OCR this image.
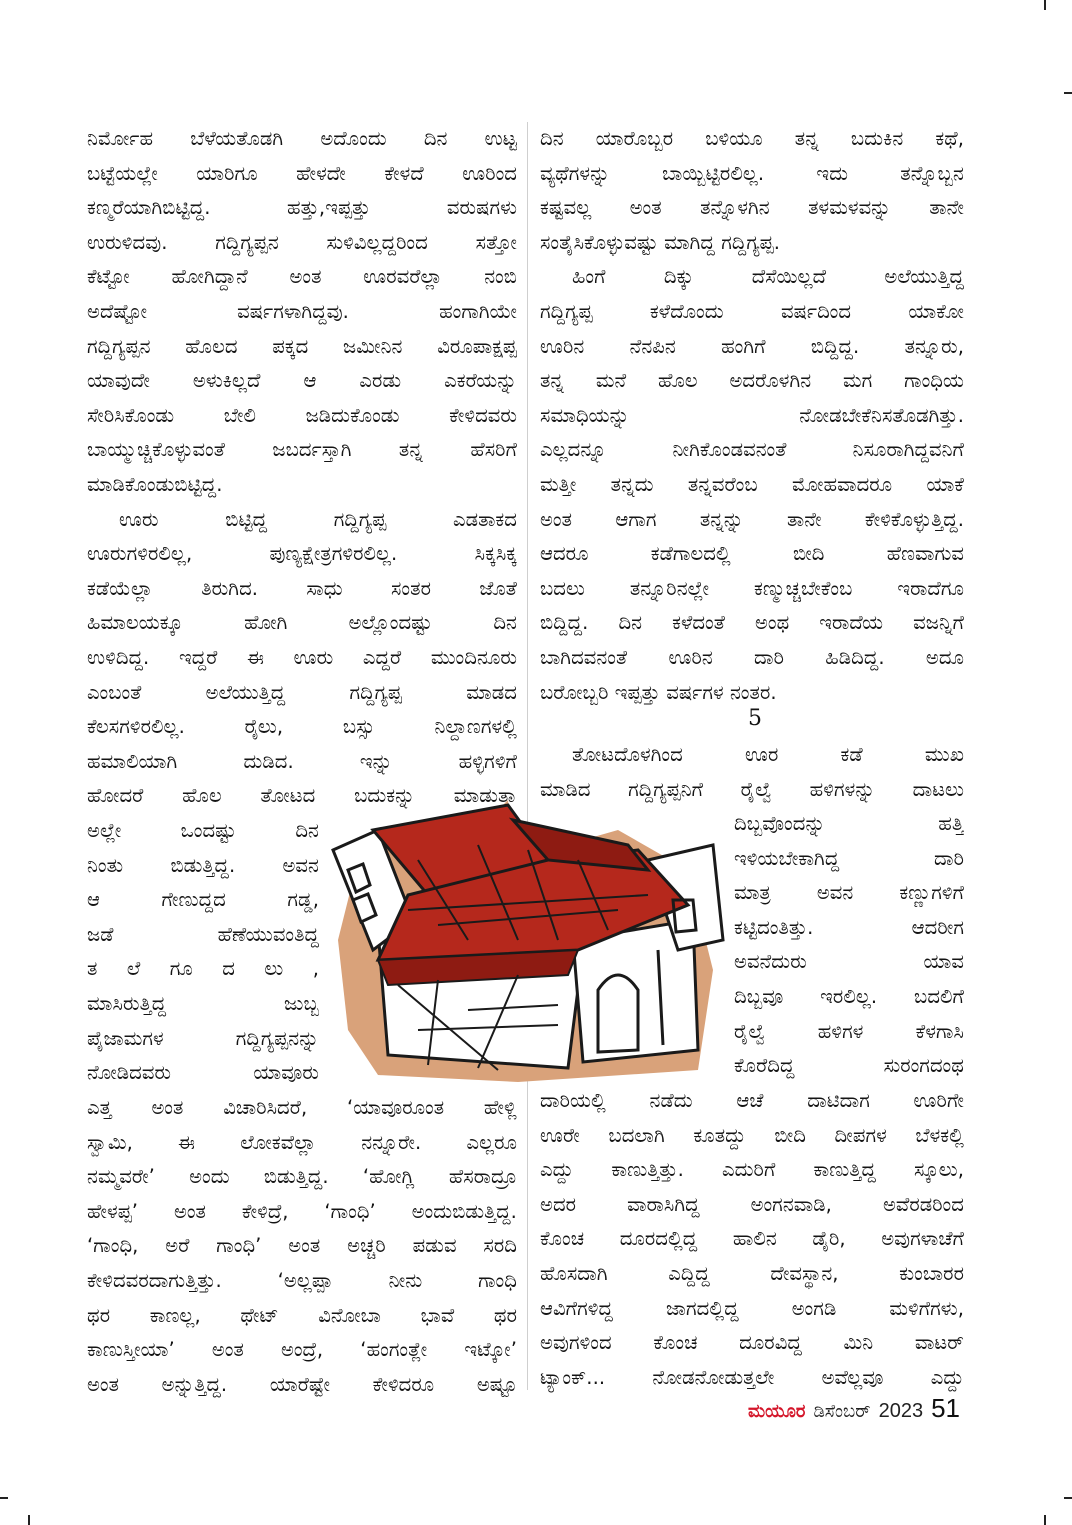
ನಿರ್ಮೋಹ ಬೆಳೆಯತೊಡಗಿ ಅದೊಂದು ದಿನ ಉಟ್ಟ
ಬಟ್ಟೆಯಲ್ಲೇ ಯಾರಿಗೂ ಹೇಳದೇ ಕೇಳದೆ ಊರಿಂದ
ಕಣ್ಮರೆಯಾಗಿಬಿಟ್ಟಿದ್ದ. ಹತ್ತು,ಇಪ್ಪತ್ತು ವರುಷಗಳು
ಉರುಳಿದವು. ಗದ್ದಿಗ್ಯಪ್ಪನ ಸುಳಿವಿಲ್ಲದ್ದರಿಂದ ಸತ್ತೋ
ಕೆಟ್ಟೋ ಹೋಗಿದ್ದಾನೆ ಅಂತ ಊರವರೆಲ್ಲಾ ನಂಬಿ
ಅದೆಷ್ಟೋ ವರ್ಷಗಳಾಗಿದ್ದವು. ಹಂಗಾಗಿಯೇ
ಗದ್ದಿಗ್ಯಪ್ಪನ ಹೊಲದ ಪಕ್ಕದ ಜಮೀನಿನ ವಿರೂಪಾಕ್ಷಪ್ಪ
ಯಾವುದೇ ಅಳುಕಿಲ್ಲದೆ ಆ ಎರಡು ಎಕರೆಯನ್ನು
ಸೇರಿಸಿಕೊಂಡು ಬೇಲಿ ಜಡಿದುಕೊಂಡು ಕೇಳಿದವರು
ಬಾಯ್ಮುಚ್ಚಿಕೊಳ್ಳುವಂತೆ ಜಬರ್ದಸ್ತಾಗಿ ತನ್ನ ಹೆಸರಿಗೆ
ಮಾಡಿಕೊಂಡುಬಿಟ್ಟಿದ್ದ.
ಊರು ಬಿಟ್ಟಿದ್ದ ಗದ್ದಿಗ್ಯಪ್ಪ ಎಡತಾಕದ
ಊರುಗಳಿರಲಿಲ್ಲ, ಪುಣ್ಯಕ್ಷೇತ್ರಗಳಿರಲಿಲ್ಲ. ಸಿಕ್ಕಸಿಕ್ಕ
ಕಡೆಯೆಲ್ಲಾ ತಿರುಗಿದ. ಸಾಧು ಸಂತರ ಜೊತೆ
ಹಿಮಾಲಯಕ್ಕೂ ಹೋಗಿ ಅಲ್ಲೊಂದಷ್ಟು ದಿನ
ಉಳಿದಿದ್ದ. ಇದ್ದರೆ ಈ ಊರು ಎದ್ದರೆ ಮುಂದಿನೂರು
ಎಂಬಂತೆ ಅಲೆಯುತ್ತಿದ್ದ ಗದ್ದಿಗ್ಯಪ್ಪ ಮಾಡದ
ಕೆಲಸಗಳಿರಲಿಲ್ಲ. ರೈಲು, ಬಸ್ಸು ನಿಲ್ದಾಣಗಳಲ್ಲಿ
ಹಮಾಲಿಯಾಗಿ ದುಡಿದ. ಇನ್ನು ಹಳ್ಳಿಗಳಿಗೆ
ಹೋದರೆ ಹೊಲ ತೋಟದ ಬದುಕನ್ನು ಮಾಡುತ್ತಾ
ಅಲ್ಲೇ ಒಂದಷ್ಟು ದಿನ
ನಿಂತು ಬಿಡುತ್ತಿದ್ದ. ಅವನ
ಆ ಗೇಣುದ್ದದ ಗಡ್ಡ,
ಜಡೆ ಹೆಣೆಯುವಂತಿದ್ದ
ತ ಲೆ ಗೂ ದ ಲು ,
ಮಾಸಿರುತ್ತಿದ್ದ ಜುಬ್ಬ
ಪೈಜಾಮಗಳ ಗದ್ದಿಗ್ಯಪ್ಪನನ್ನು
ನೋಡಿದವರು ಯಾವೂರು
ಎತ್ತ ಅಂತ ವಿಚಾರಿಸಿದರೆ, ‘ಯಾವೂರೂಂತ ಹೇಳ್ಲಿ
ಸ್ವಾಮಿ, ಈ ಲೋಕವೆಲ್ಲಾ ನನ್ನೂರೇ. ಎಲ್ಲರೂ
ನಮ್ಮವರೇ’ ಅಂದು ಬಿಡುತ್ತಿದ್ದ. ‘ಹೋಗ್ಲಿ ಹೆಸರಾದ್ರೂ
ಹೇಳಪ್ಪ’ ಅಂತ ಕೇಳಿದ್ರೆ, ‘ಗಾಂಧಿ’ ಅಂದುಬಿಡುತ್ತಿದ್ದ.
‘ಗಾಂಧಿ, ಅರೆ ಗಾಂಧಿ’ ಅಂತ ಅಚ್ಚರಿ ಪಡುವ ಸರದಿ
ಕೇಳಿದವರದಾಗುತ್ತಿತ್ತು. ‘ಅಲ್ಲಪ್ಪಾ ನೀನು ಗಾಂಧಿ
ಥರ ಕಾಣಲ್ಲ, ಥೇಟ್ ವಿನೋಬಾ ಭಾವೆ ಥರ
ಕಾಣುಸ್ತೀಯಾ’ ಅಂತ ಅಂದ್ರೆ, ‘ಹಂಗಂತ್ಲೇ ಇಟ್ಕೋ’
ಅಂತ ಅನ್ನುತ್ತಿದ್ದ. ಯಾರೆಷ್ಟೇ ಕೇಳಿದರೂ ಅಷ್ಟೂ
ದಿನ ಯಾರೊಬ್ಬರ ಬಳಿಯೂ ತನ್ನ ಬದುಕಿನ ಕಥೆ,
ವ್ಯಥೆಗಳನ್ನು ಬಾಯ್ಬಿಟ್ಟಿರಲಿಲ್ಲ. ಇದು ತನ್ನೊಬ್ಬನ
ಕಷ್ಟವಲ್ಲ ಅಂತ ತನ್ನೊಳಗಿನ ತಳಮಳವನ್ನು ತಾನೇ
ಸಂತೈಸಿಕೊಳ್ಳುವಷ್ಟು ಮಾಗಿದ್ದ ಗದ್ದಿಗ್ಯಪ್ಪ.
ಹಿಂಗೆ ದಿಕ್ಕು ದೆಸೆಯಿಲ್ಲದೆ ಅಲೆಯುತ್ತಿದ್ದ
ಗದ್ದಿಗ್ಯಪ್ಪ ಕಳೆದೊಂದು ವರ್ಷದಿಂದ ಯಾಕೋ
ಊರಿನ ನೆನಪಿನ ಹಂಗಿಗೆ ಬಿದ್ದಿದ್ದ. ತನ್ನೂರು,
ತನ್ನ ಮನೆ ಹೊಲ ಅದರೊಳಗಿನ ಮಗ ಗಾಂಧಿಯ
ಸಮಾಧಿಯನ್ನು ನೋಡಬೇಕೆನಿಸತೊಡಗಿತ್ತು.
ಎಲ್ಲದನ್ನೂ ನೀಗಿಕೊಂಡವನಂತೆ ನಿಸೂರಾಗಿದ್ದವನಿಗೆ
ಮತ್ತೀ ತನ್ನದು ತನ್ನವರೆಂಬ ಮೋಹವಾದರೂ ಯಾಕೆ
ಅಂತ ಆಗಾಗ ತನ್ನನ್ನು ತಾನೇ ಕೇಳಿಕೊಳ್ಳುತ್ತಿದ್ದ.
ಆದರೂ ಕಡೆಗಾಲದಲ್ಲಿ ಬೀದಿ ಹೆಣವಾಗುವ
ಬದಲು ತನ್ನೂರಿನಲ್ಲೇ ಕಣ್ಮುಚ್ಚಬೇಕೆಂಬ ಇರಾದೆಗೂ
ಬಿದ್ದಿದ್ದ. ದಿನ ಕಳೆದಂತೆ ಅಂಥ ಇರಾದೆಯ ವಜನ್ನಿಗೆ
ಬಾಗಿದವನಂತೆ ಊರಿನ ದಾರಿ ಹಿಡಿದಿದ್ದ. ಅದೂ
ಬರೋಬ್ಬರಿ ಇಪ್ಪತ್ತು ವರ್ಷಗಳ ನಂತರ.
5
ತೋಟದೊಳಗಿಂದ ಊರ ಕಡೆ ಮುಖ
ಮಾಡಿದ ಗದ್ದಿಗ್ಯಪ್ಪನಿಗೆ ರೈಲ್ವೆ ಹಳಿಗಳನ್ನು ದಾಟಲು
ದಿಬ್ಬವೊಂದನ್ನು ಹತ್ತಿ
ಇಳಿಯಬೇಕಾಗಿದ್ದ ದಾರಿ
ಮಾತ್ರ ಅವನ ಕಣ್ಣುಗಳಿಗೆ
ಕಟ್ಟಿದಂತಿತ್ತು. ಆದರೀಗ
ಅವನೆದುರು ಯಾವ
ದಿಬ್ಬವೂ ಇರಲಿಲ್ಲ. ಬದಲಿಗೆ
ರೈಲ್ವೆ ಹಳಿಗಳ ಕೆಳಗಾಸಿ
ಕೊರೆದಿದ್ದ ಸುರಂಗದಂಥ
ದಾರಿಯಲ್ಲಿ ನಡೆದು ಆಚೆ ದಾಟಿದಾಗ ಊರಿಗೇ
ಊರೇ ಬದಲಾಗಿ ಕೂತದ್ದು ಬೀದಿ ದೀಪಗಳ ಬೆಳಕಲ್ಲಿ
ಎದ್ದು ಕಾಣುತ್ತಿತ್ತು. ಎದುರಿಗೆ ಕಾಣುತ್ತಿದ್ದ ಸ್ಕೂಲು,
ಅದರ ವಾರಾಸಿಗಿದ್ದ ಅಂಗನವಾಡಿ, ಅವೆರಡರಿಂದ
ಕೊಂಚ ದೂರದಲ್ಲಿದ್ದ ಹಾಲಿನ ಡೈರಿ, ಅವುಗಳಾಚೆಗೆ
ಹೊಸದಾಗಿ ಎದ್ದಿದ್ದ ದೇವಸ್ಥಾನ, ಕುಂಬಾರರ
ಆವಿಗೆಗಳಿದ್ದ ಜಾಗದಲ್ಲಿದ್ದ ಅಂಗಡಿ ಮಳಿಗೆಗಳು,
ಅವುಗಳಿಂದ ಕೊಂಚ ದೂರವಿದ್ದ ಮಿನಿ ವಾಟರ್
ಟ್ಯಾಂಕ್... ನೋಡನೋಡುತ್ತಲೇ ಅವೆಲ್ಲವೂ ಎದ್ದು
ಮಯೂರ ಡಿಸೆಂಬರ್ 2023 51
